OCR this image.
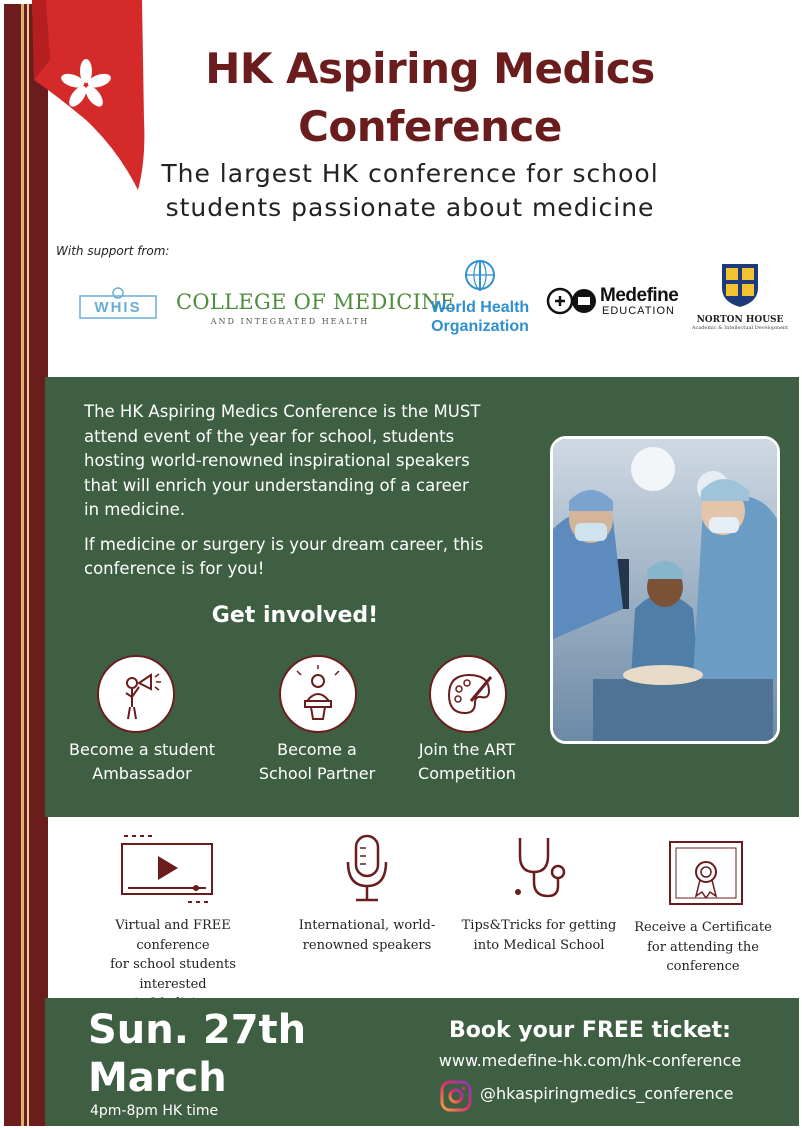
HK Aspiring Medics
Conference
The largest HK conference for school
students passionate about medicine
With support from:
WHIS	COLLEGE OF MEDICINE
AND INTEGRATED HEALTH
World Health
Organization
Medefine
EDUCATION
NORTON HOUSE
Academic & Intellectual Development

The HK Aspiring Medics Conference is the MUST attend event of the year for school, students hosting world-renowned inspirational speakers that will enrich your understanding of a career in medicine.

If medicine or surgery is your dream career, this conference is for you!

Get involved!
Become a student
Ambassador
Become a
School Partner
Join the ART
Competition
Virtual and FREE conference
for school students interested
International, world-
renowned speakers
Tips&Tricks for getting
into Medical School
Receive a Certificate
for attending the
conference
Sun. 27th
March
4pm-8pm HK time
Book your FREE ticket:
www.medefine-hk.com/hk-conference
@hkaspiringmedics_conference
